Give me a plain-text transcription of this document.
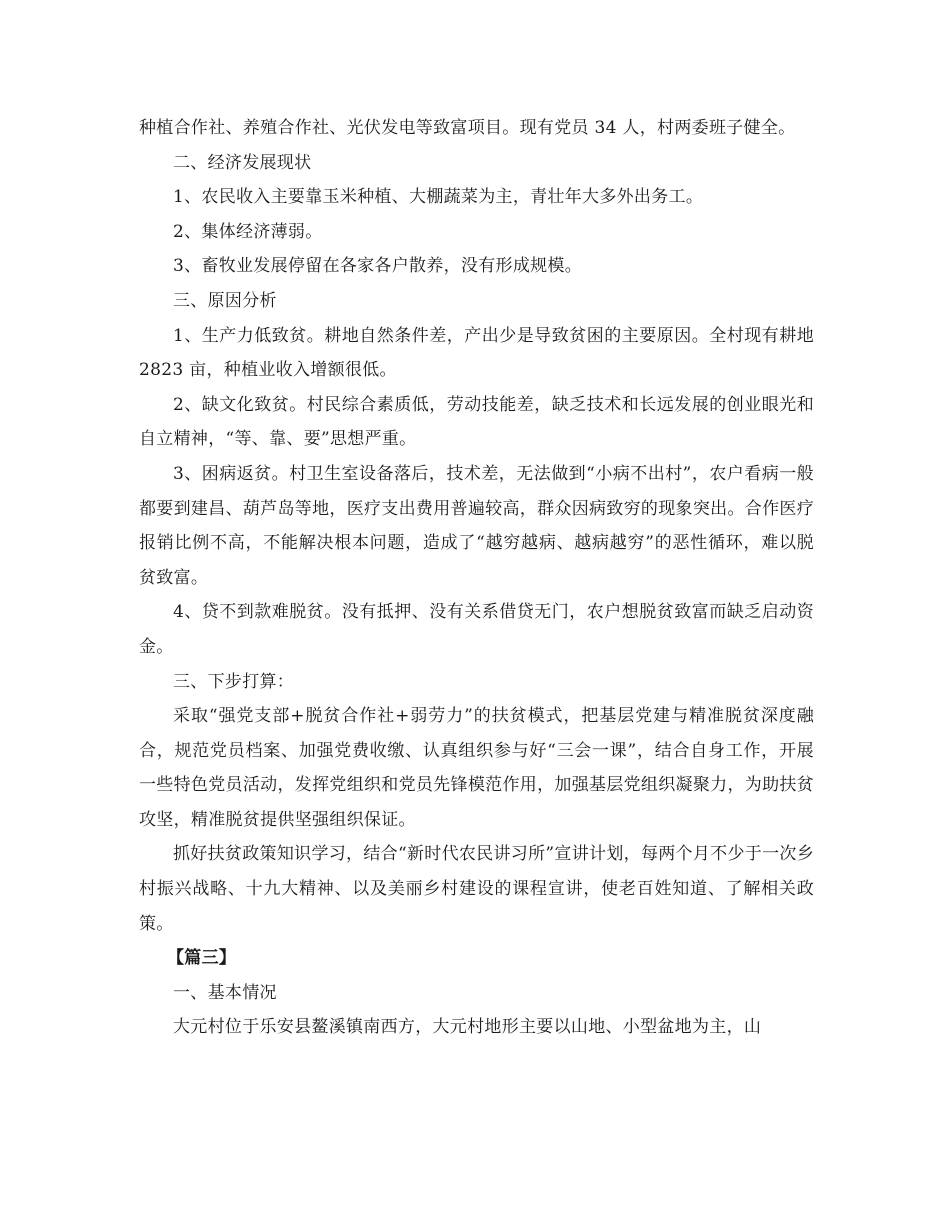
种植合作社、养殖合作社、光伏发电等致富项目。现有党员 34 人，村两委班子健全。

二、经济发展现状

1、农民收入主要靠玉米种植、大棚蔬菜为主，青壮年大多外出务工。

2、集体经济薄弱。

3、畜牧业发展停留在各家各户散养，没有形成规模。

三、原因分析

1、生产力低致贫。耕地自然条件差，产出少是导致贫困的主要原因。全村现有耕地 2823 亩，种植业收入增额很低。

2、缺文化致贫。村民综合素质低，劳动技能差，缺乏技术和长远发展的创业眼光和自立精神，“等、靠、要”思想严重。

3、困病返贫。村卫生室设备落后，技术差，无法做到“小病不出村”，农户看病一般都要到建昌、葫芦岛等地，医疗支出费用普遍较高，群众因病致穷的现象突出。合作医疗报销比例不高，不能解决根本问题，造成了“越穷越病、越病越穷”的恶性循环，难以脱贫致富。

4、贷不到款难脱贫。没有抵押、没有关系借贷无门，农户想脱贫致富而缺乏启动资金。

三、下步打算：

采取“强党支部+脱贫合作社+弱劳力”的扶贫模式，把基层党建与精准脱贫深度融合，规范党员档案、加强党费收缴、认真组织参与好“三会一课”，结合自身工作，开展一些特色党员活动，发挥党组织和党员先锋模范作用，加强基层党组织凝聚力，为助扶贫攻坚，精准脱贫提供坚强组织保证。

抓好扶贫政策知识学习，结合“新时代农民讲习所”宣讲计划，每两个月不少于一次乡村振兴战略、十九大精神、以及美丽乡村建设的课程宣讲，使老百姓知道、了解相关政策。

【篇三】

一、基本情况

大元村位于乐安县鳌溪镇南西方，大元村地形主要以山地、小型盆地为主，山
